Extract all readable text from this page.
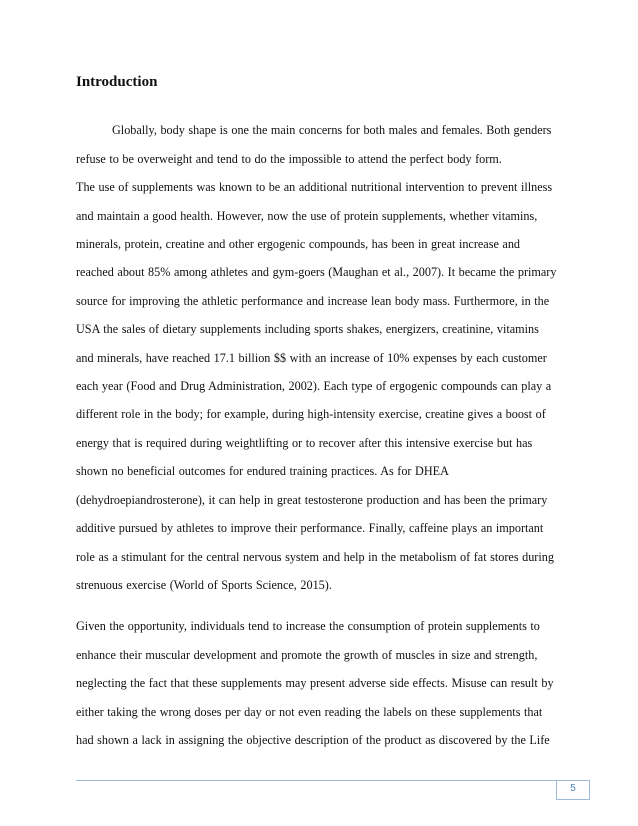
Introduction
Globally, body shape is one the main concerns for both males and females. Both genders
refuse to be overweight and tend to do the impossible to attend the perfect body form.
The use of supplements was known to be an additional nutritional intervention to prevent illness
and maintain a good health. However, now the use of protein supplements, whether vitamins,
minerals, protein, creatine and other ergogenic compounds, has been in great increase and
reached about 85% among athletes and gym-goers (Maughan et al., 2007). It became the primary
source for improving the athletic performance and increase lean body mass. Furthermore, in the
USA the sales of dietary supplements including sports shakes, energizers, creatinine, vitamins
and minerals, have reached 17.1 billion $$ with an increase of 10% expenses by each customer
each year (Food and Drug Administration, 2002). Each type of ergogenic compounds can play a
different role in the body; for example, during high-intensity exercise, creatine gives a boost of
energy that is required during weightlifting or to recover after this intensive exercise but has
shown no beneficial outcomes for endured training practices. As for DHEA
(dehydroepiandrosterone), it can help in great testosterone production and has been the primary
additive pursued by athletes to improve their performance. Finally, caffeine plays an important
role as a stimulant for the central nervous system and help in the metabolism of fat stores during
strenuous exercise (World of Sports Science, 2015).
Given the opportunity, individuals tend to increase the consumption of protein supplements to
enhance their muscular development and promote the growth of muscles in size and strength,
neglecting the fact that these supplements may present adverse side effects. Misuse can result by
either taking the wrong doses per day or not even reading the labels on these supplements that
had shown a lack in assigning the objective description of the product as discovered by the Life
5
